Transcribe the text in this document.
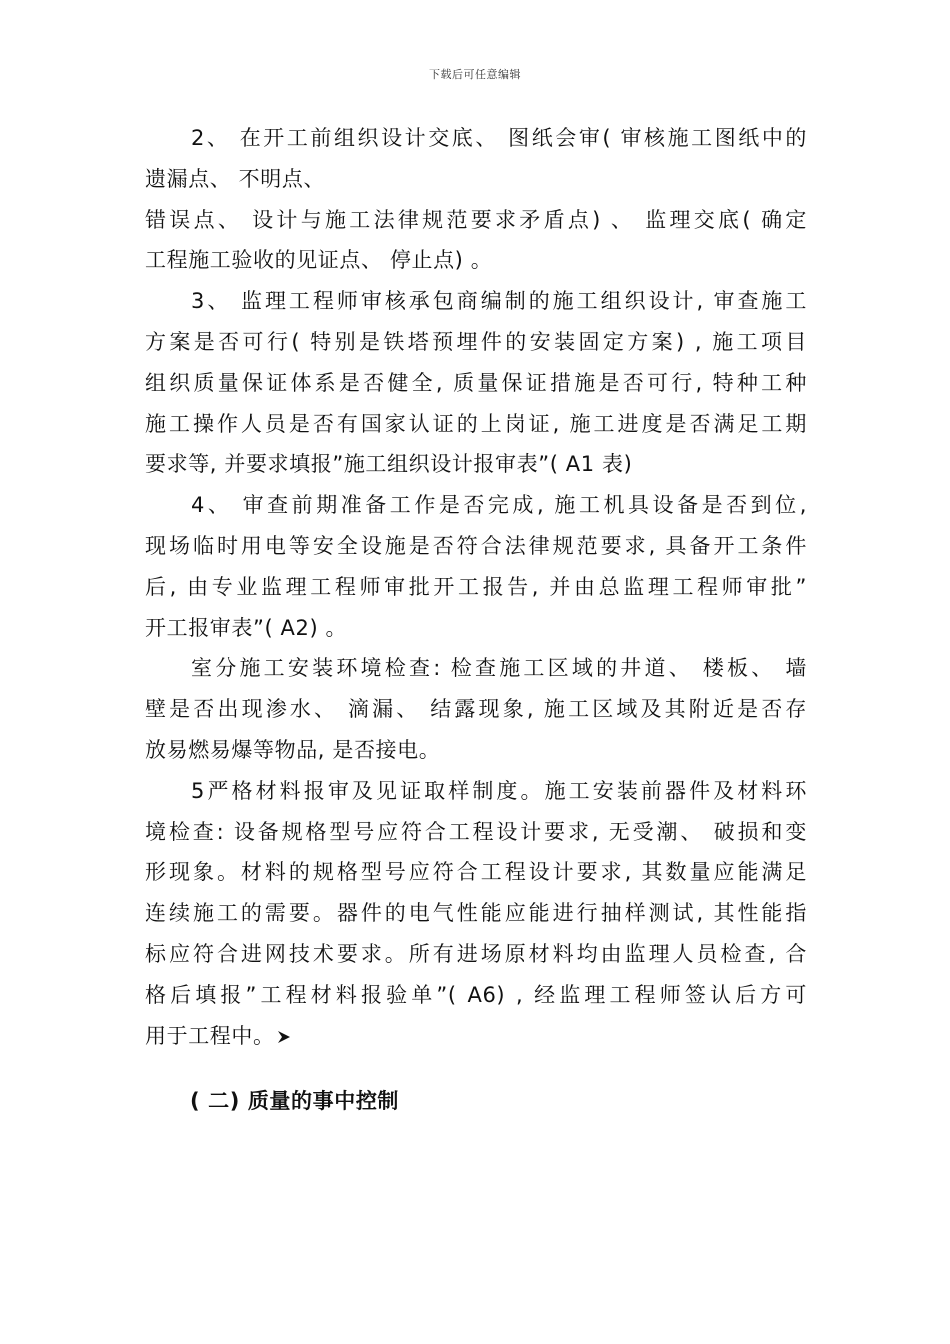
下载后可任意编辑
2、 在开工前组织设计交底、 图纸会审( 审核施工图纸中的
遗漏点、 不明点、
错误点、 设计与施工法律规范要求矛盾点) 、 监理交底( 确定
工程施工验收的见证点、 停止点) 。
3、 监理工程师审核承包商编制的施工组织设计, 审查施工
方案是否可行( 特别是铁塔预埋件的安装固定方案) , 施工项目
组织质量保证体系是否健全, 质量保证措施是否可行, 特种工种
施工操作人员是否有国家认证的上岗证, 施工进度是否满足工期
要求等, 并要求填报”施工组织设计报审表”( A1 表)
4、 审查前期准备工作是否完成, 施工机具设备是否到位,
现场临时用电等安全设施是否符合法律规范要求, 具备开工条件
后, 由专业监理工程师审批开工报告, 并由总监理工程师审批”
开工报审表”( A2) 。
室分施工安装环境检查: 检查施工区域的井道、 楼板、 墙
壁是否出现渗水、 滴漏、 结露现象, 施工区域及其附近是否存
放易燃易爆等物品, 是否接电。
5严格材料报审及见证取样制度。施工安装前器件及材料环
境检查: 设备规格型号应符合工程设计要求, 无受潮、 破损和变
形现象。材料的规格型号应符合工程设计要求, 其数量应能满足
连续施工的需要。器件的电气性能应能进行抽样测试, 其性能指
标应符合进网技术要求。所有进场原材料均由监理人员检查, 合
格后填报”工程材料报验单”( A6) , 经监理工程师签认后方可
用于工程中。
( 二) 质量的事中控制
